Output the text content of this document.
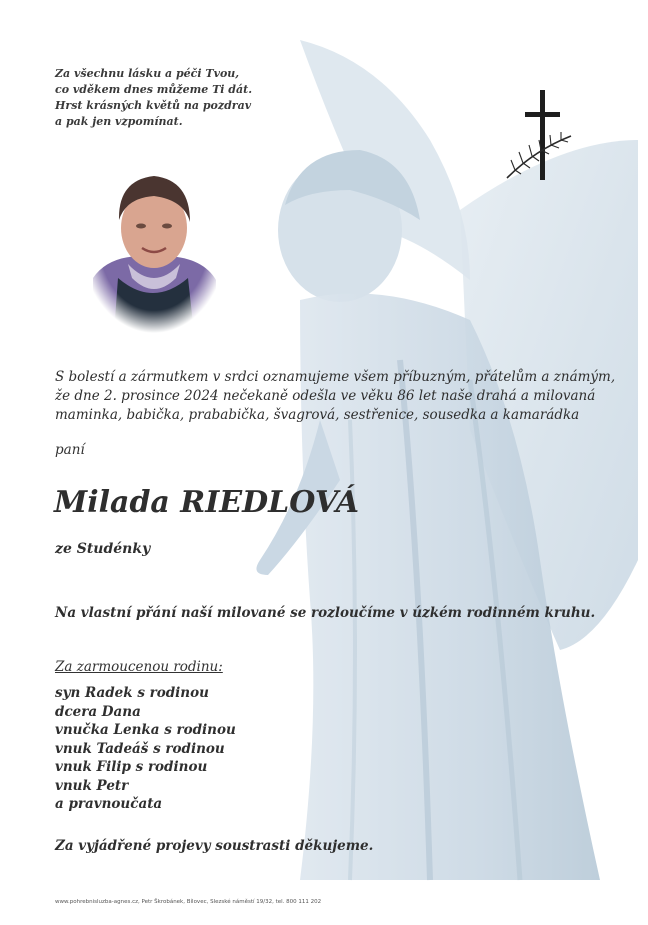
Za všechnu lásku a péči Tvou,
co vděkem dnes můžeme Ti dát.
Hrst krásných květů na pozdrav
a pak jen vzpomínat.
S bolestí a zármutkem v srdci oznamujeme všem příbuzným, přátelům a známým,
že dne 2. prosince 2024 nečekaně odešla ve věku 86 let naše drahá a milovaná
maminka, babička, prababička, švagrová, sestřenice, sousedka a kamarádka
paní
Milada RIEDLOVÁ
ze Studénky
Na vlastní přání naší milované se rozloučíme v úzkém rodinném kruhu.
Za zarmoucenou rodinu:
syn Radek s rodinou
dcera Dana
vnučka Lenka s rodinou
vnuk Tadeáš s rodinou
vnuk Filip s rodinou
vnuk Petr
a pravnoučata
Za vyjádřené projevy soustrasti děkujeme.
www.pohrebnisluzba-agnes.cz, Petr Škrobánek, Bílovec, Slezské náměstí 19/32, tel. 800 111 202
